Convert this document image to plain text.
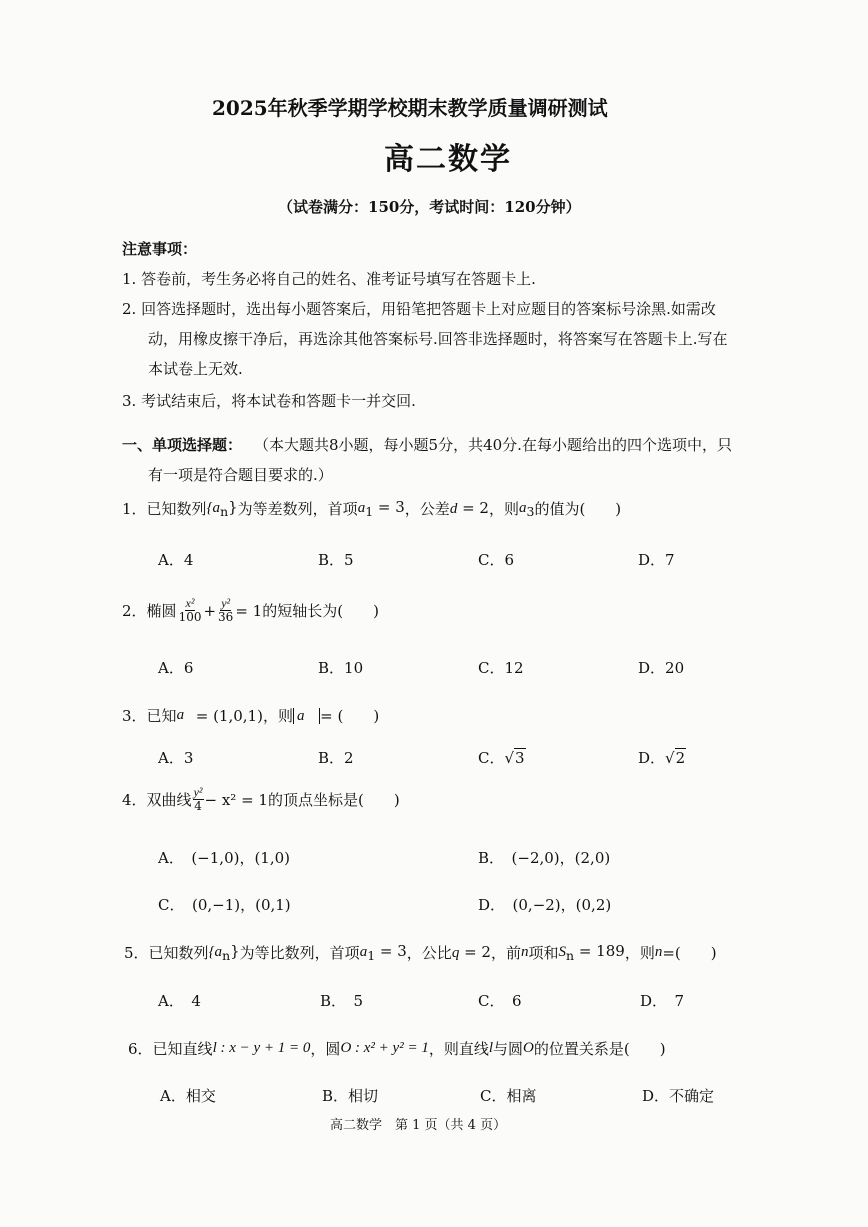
2025年秋季学期学校期末教学质量调研测试
高二数学
（试卷满分：150分，考试时间：120分钟）
注意事项：
1. 答卷前，考生务必将自己的姓名、准考证号填写在答题卡上.
2. 回答选择题时，选出每小题答案后，用铅笔把答题卡上对应题目的答案标号涂黑.如需改
动，用橡皮擦干净后，再选涂其他答案标号.回答非选择题时，将答案写在答题卡上.写在
本试卷上无效.
3. 考试结束后，将本试卷和答题卡一并交回.
一、单项选择题： （本大题共8小题，每小题5分，共40分.在每小题给出的四个选项中，只
有一项是符合题目要求的.）
1． 已知数列 $\{a_n\}$ 为等差数列，首项 $a_1 = 3$ ，公差 d = 2 ，则 $a_3$ 的值为(　　)
A．4	B．5	C．6	D．7
2． 椭圆 $\frac{\text{x²}}{100} + \frac{\text{y²}}{36} = 1$ 的短轴长为(　　)
A．6	B．10	C．12	D．20
3． 已知 a⃗ = (1,0,1) ，则 a⃗ = (　　)
A．3	B．2	C．√3	D．√2
4． 双曲线 $\frac{\text{y²}}{4} - x^2 = 1$ 的顶点坐标是(　　)
A．　(−1,0)，(1,0)	B．　(−2,0)，(2,0)
C．　(0,−1)，(0,1)	D．　(0,−2)，(0,2)
5． 已知数列 $\{a_n\}$ 为等比数列，首项 $a_1 = 3$ ，公比 q = 2 ，前 n 项和 $S_n = 189$ ，则 n =(　　)
A．　4	B．　5	C．　6	D．　7
6． 已知直线 l : x − y + 1 = 0 ，圆 O : x² + y² = 1 ，则直线 l 与圆 O 的位置关系是(　　)
A．相交	B．相切	C．相离	D．不确定
高二数学　第 1 页（共 4 页）
